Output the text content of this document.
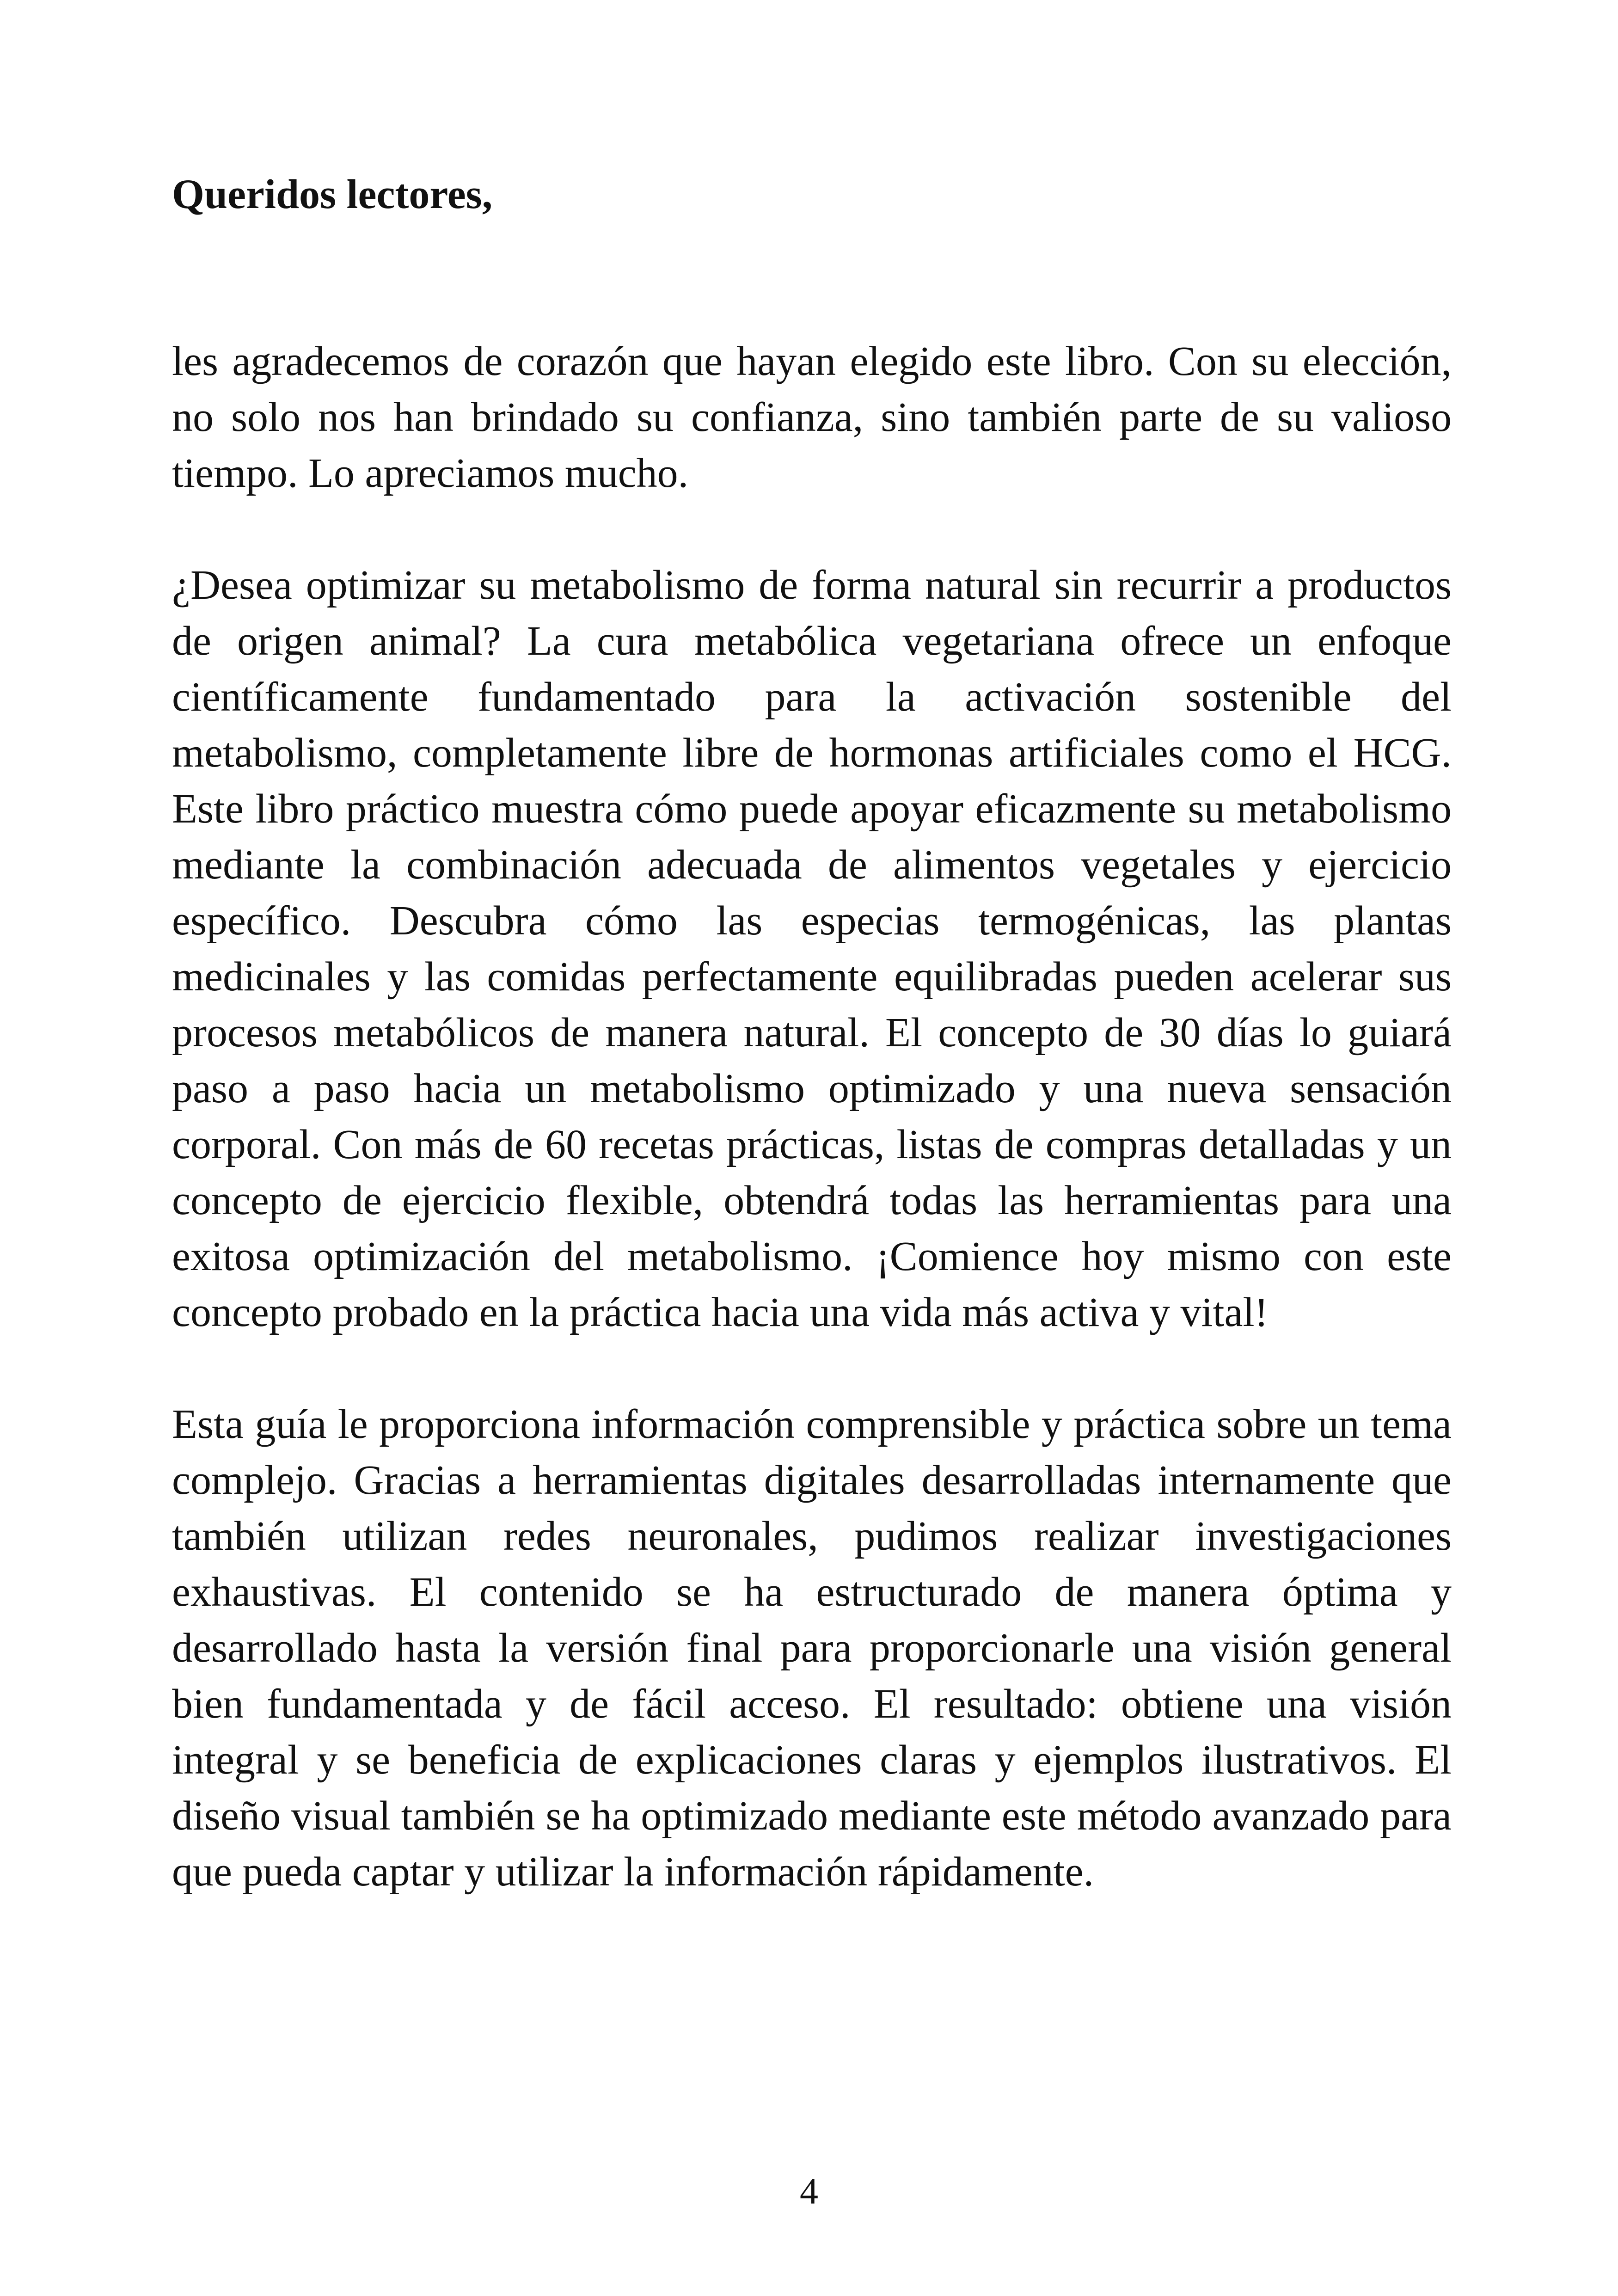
Queridos lectores,

les agradecemos de corazón que hayan elegido este libro. Con su elección, no solo nos han brindado su confianza, sino también parte de su valioso tiempo. Lo apreciamos mucho.

¿Desea optimizar su metabolismo de forma natural sin recurrir a productos de origen animal? La cura metabólica vegetariana ofrece un enfoque científicamente fundamentado para la activación sostenible del metabolismo, completamente libre de hormonas artificiales como el HCG. Este libro práctico muestra cómo puede apoyar eficazmente su metabolismo mediante la combinación adecuada de alimentos vegetales y ejercicio específico. Descubra cómo las especias termogénicas, las plantas medicinales y las comidas perfectamente equilibradas pueden acelerar sus procesos metabólicos de manera natural. El concepto de 30 días lo guiará paso a paso hacia un metabolismo optimizado y una nueva sensación corporal. Con más de 60 recetas prácticas, listas de compras detalladas y un concepto de ejercicio flexible, obtendrá todas las herramientas para una exitosa optimización del metabolismo. ¡Comience hoy mismo con este concepto probado en la práctica hacia una vida más activa y vital!

Esta guía le proporciona información comprensible y práctica sobre un tema complejo. Gracias a herramientas digitales desarrolladas internamente que también utilizan redes neuronales, pudimos realizar investigaciones exhaustivas. El contenido se ha estructurado de manera óptima y desarrollado hasta la versión final para proporcionarle una visión general bien fundamentada y de fácil acceso. El resultado: obtiene una visión integral y se beneficia de explicaciones claras y ejemplos ilustrativos. El diseño visual también se ha optimizado mediante este método avanzado para que pueda captar y utilizar la información rápidamente.

4
